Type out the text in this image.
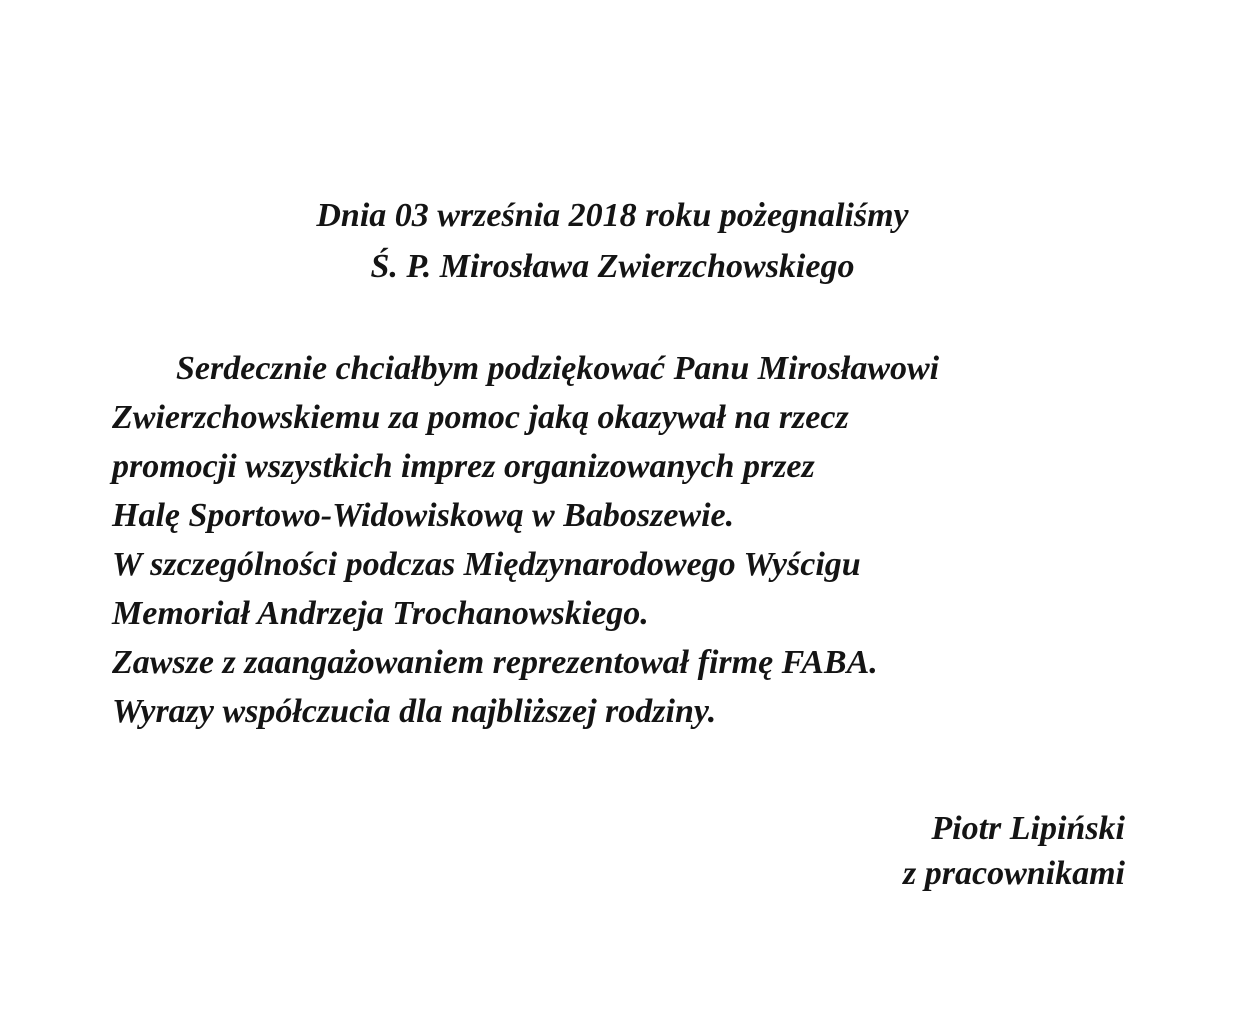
Dnia 03 września 2018 roku pożegnaliśmy
Ś. P. Mirosława Zwierzchowskiego
Serdecznie chciałbym podziękować Panu Mirosławowi
Zwierzchowskiemu za pomoc jaką okazywał na rzecz
promocji wszystkich imprez organizowanych przez
Halę Sportowo-Widowiskową w Baboszewie.
W szczególności podczas Międzynarodowego Wyścigu
Memoriał Andrzeja Trochanowskiego.
Zawsze z zaangażowaniem reprezentował firmę FABA.
Wyrazy współczucia dla najbliższej rodziny.
Piotr Lipiński
z pracownikami
